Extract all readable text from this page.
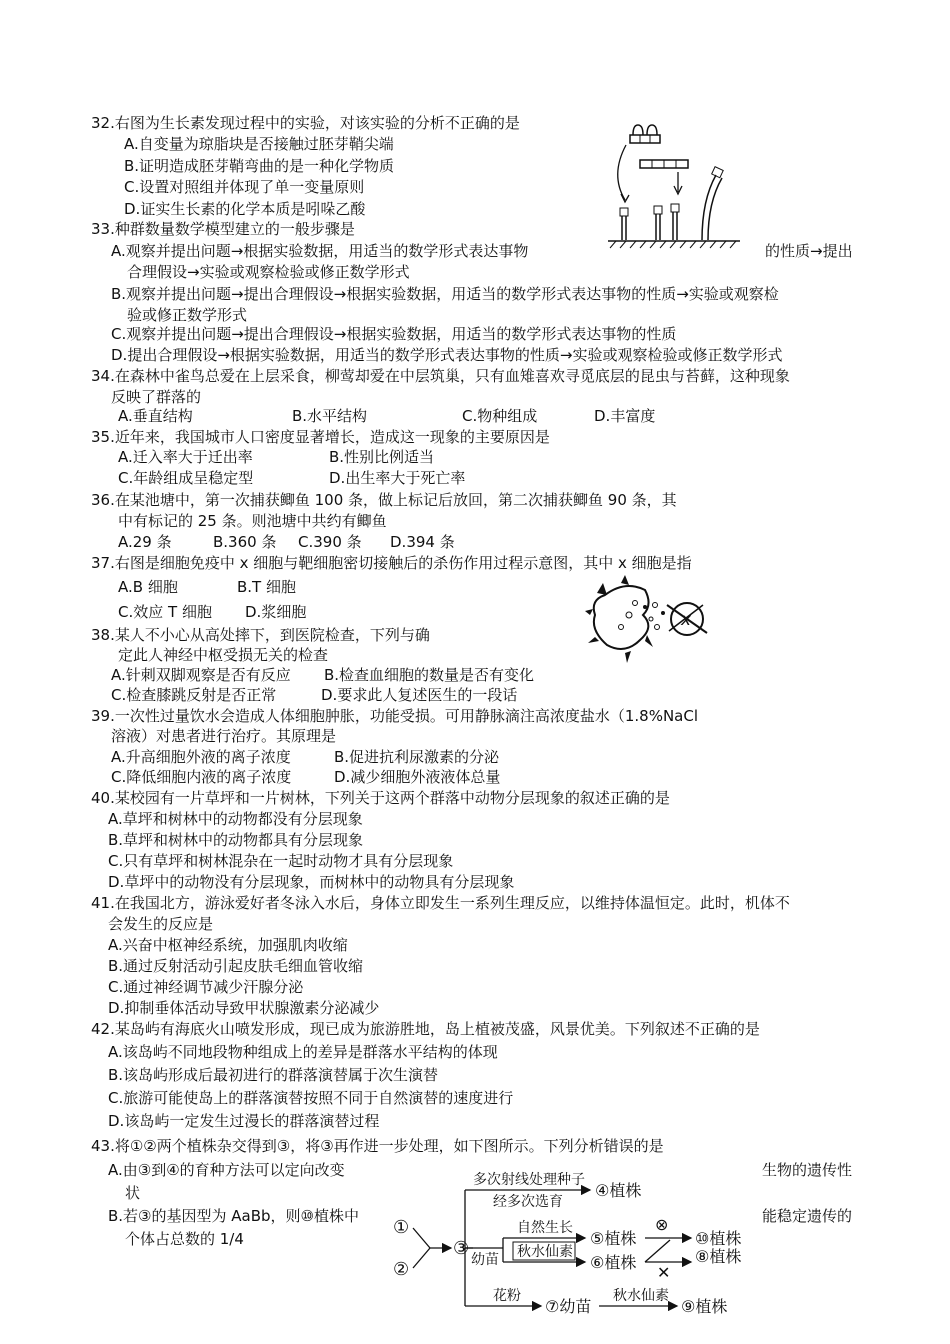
32.右图为生长素发现过程中的实验，对该实验的分析不正确的是
A.自变量为琼脂块是否接触过胚芽鞘尖端
B.证明造成胚芽鞘弯曲的是一种化学物质
C.设置对照组并体现了单一变量原则
D.证实生长素的化学本质是吲哚乙酸
33.种群数量数学模型建立的一般步骤是
A.观察并提出问题→根据实验数据，用适当的数学形式表达事物	的性质→提出
合理假设→实验或观察检验或修正数学形式
B.观察并提出问题→提出合理假设→根据实验数据，用适当的数学形式表达事物的性质→实验或观察检
验或修正数学形式
C.观察并提出问题→提出合理假设→根据实验数据，用适当的数学形式表达事物的性质
D.提出合理假设→根据实验数据，用适当的数学形式表达事物的性质→实验或观察检验或修正数学形式
34.在森林中雀鸟总爱在上层采食，柳莺却爱在中层筑巢，只有血雉喜欢寻觅底层的昆虫与苔藓，这种现象
反映了群落的
A.垂直结构	B.水平结构	C.物种组成	D.丰富度
35.近年来，我国城市人口密度显著增长，造成这一现象的主要原因是
A.迁入率大于迁出率	B.性别比例适当
C.年龄组成呈稳定型	D.出生率大于死亡率
36.在某池塘中，第一次捕获鲫鱼 100 条，做上标记后放回，第二次捕获鲫鱼 90 条，其
中有标记的 25 条。则池塘中共约有鲫鱼
A.29 条	B.360 条 C.390 条 D.394 条
37.右图是细胞免疫中 x 细胞与靶细胞密切接触后的杀伤作用过程示意图，其中 x 细胞是指
A.B 细胞	B.T 细胞
C.效应 T 细胞 D.浆细胞	x
38.某人不小心从高处摔下，到医院检查，下列与确
定此人神经中枢受损无关的检查
A.针刺双脚观察是否有反应 B.检查血细胞的数量是否有变化
C.检查膝跳反射是否正常	D.要求此人复述医生的一段话
39.一次性过量饮水会造成人体细胞肿胀，功能受损。可用静脉滴注高浓度盐水（1.8%NaCl
溶液）对患者进行治疗。其原理是
A.升高细胞外液的离子浓度	B.促进抗利尿激素的分泌
C.降低细胞内液的离子浓度	D.减少细胞外液液体总量
40.某校园有一片草坪和一片树林，下列关于这两个群落中动物分层现象的叙述正确的是
A.草坪和树林中的动物都没有分层现象
B.草坪和树林中的动物都具有分层现象
C.只有草坪和树林混杂在一起时动物才具有分层现象
D.草坪中的动物没有分层现象，而树林中的动物具有分层现象
41.在我国北方，游泳爱好者冬泳入水后，身体立即发生一系列生理反应，以维持体温恒定。此时，机体不
会发生的反应是
A.兴奋中枢神经系统，加强肌肉收缩
B.通过反射活动引起皮肤毛细血管收缩
C.通过神经调节减少汗腺分泌
D.抑制垂体活动导致甲状腺激素分泌减少
42.某岛屿有海底火山喷发形成，现已成为旅游胜地，岛上植被茂盛，风景优美。下列叙述不正确的是
A.该岛屿不同地段物种组成上的差异是群落水平结构的体现
B.该岛屿形成后最初进行的群落演替属于次生演替
C.旅游可能使岛上的群落演替按照不同于自然演替的速度进行
D.该岛屿一定发生过漫长的群落演替过程
43.将①②两个植株杂交得到③，将③再作进一步处理，如下图所示。下列分析错误的是
A.由③到④的育种方法可以定向改变	生物的遗传性
状
B.若③的基因型为 AaBb，则⑩植株中	能稳定遗传的
个体占总数的 1/4
①
②
③
多次射线处理种子
经多次选育
④植株
幼苗
自然生长
秋水仙素
⑤植株
⑥植株
⊗
✕
⑩植株
⑧植株
花粉
⑦幼苗
秋水仙素
⑨植株
